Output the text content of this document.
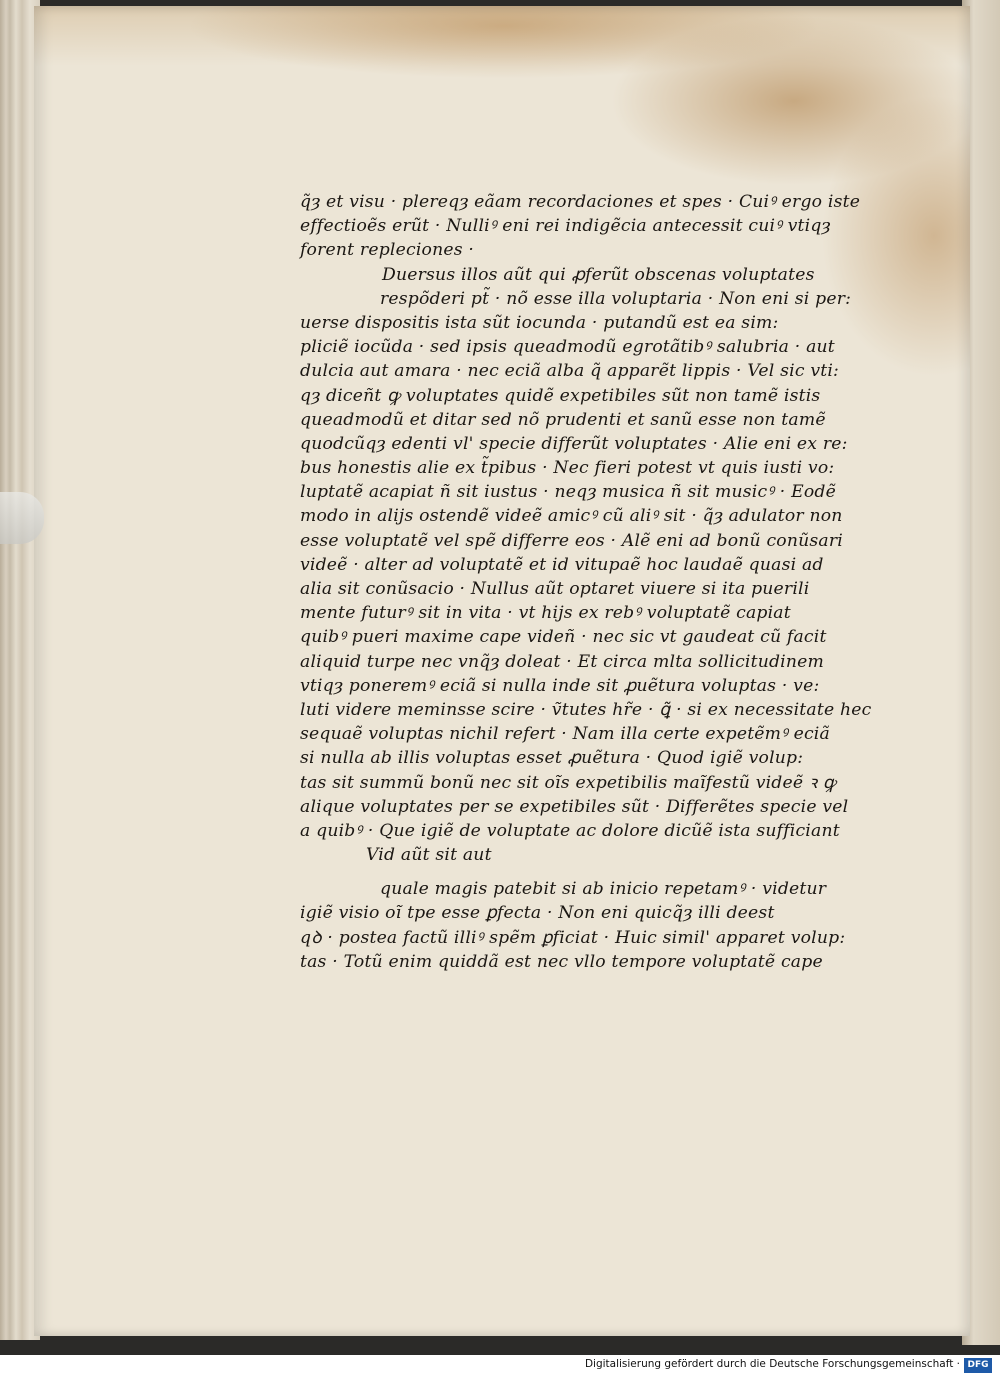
q̃ȝ et visu · plereqȝ eãam recordaciones et spes · Cuiꝰ ergo iste
effectioẽs erũt · Nulliꝰ eni rei indigẽcia antecessit cuiꝰ vtiqȝ
forent repleciones ·
Duersus illos aũt qui ꝓferũt obscenas voluptates
respõderi pt̃ · nõ esse illa voluptaria · Non eni si per:
uerse dispositis ista sũt iocunda · putandũ est ea sim:
pliciẽ iocũda · sed ipsis queadmodũ egrotãtibꝰ salubria · aut
dulcia aut amara · nec eciã alba q̃ apparẽt lippis · Vel sic vti:
qȝ diceñt ꝙ voluptates quidẽ expetibiles sũt non tamẽ istis
queadmodũ et ditar sed nõ prudenti et sanũ esse non tamẽ
quodcũqȝ edenti vl' specie differũt voluptates · Alie eni ex re:
bus honestis alie ex t̃pibus · Nec fieri potest vt quis iusti vo:
luptatẽ acapiat ñ sit iustus · neqȝ musica ñ sit musicꝰ · Eodẽ
modo in alijs ostendẽ videẽ amicꝰ cũ aliꝰ sit · q̃ȝ adulator non
esse voluptatẽ vel spẽ differre eos · Alẽ eni ad bonũ conũsari
videẽ · alter ad voluptatẽ et id vitupaẽ hoc laudaẽ quasi ad
alia sit conũsacio · Nullus aũt optaret viuere si ita puerili
mente futurꝰ sit in vita · vt hijs ex rebꝰ voluptatẽ capiat
quibꝰ pueri maxime cape videñ · nec sic vt gaudeat cũ facit
aliquid turpe nec vnq̃ȝ doleat · Et circa mlta sollicitudinem
vtiqȝ poneremꝰ eciã si nulla inde sit ꝓuẽtura voluptas · ve:
luti videre meminsse scire · ṽtutes hr̃e · ꝗ̃ · si ex necessitate hec
sequaẽ voluptas nichil refert · Nam illa certe expetẽmꝰ eciã
si nulla ab illis voluptas esset ꝓuẽtura · Quod igiẽ volup:
tas sit summũ bonũ nec sit oĩs expetibilis maĩfestũ videẽ ꝛ ꝙ
alique voluptates per se expetibiles sũt · Differẽtes specie vel
a quibꝰ · Que igiẽ de voluptate ac dolore dicũẽ ista sufficiant
Vid aũt sit aut
quale magis patebit si ab inicio repetamꝰ · videtur
igiẽ visio oĩ tpe esse ꝑfecta · Non eni quicq̃ȝ illi deest
qꝺ · postea factũ illiꝰ spẽm ꝑficiat · Huic simil' apparet volup:
tas · Totũ enim quiddã est nec vllo tempore voluptatẽ cape
Digitalisierung gefördert durch die Deutsche Forschungsgemeinschaft · DFG
